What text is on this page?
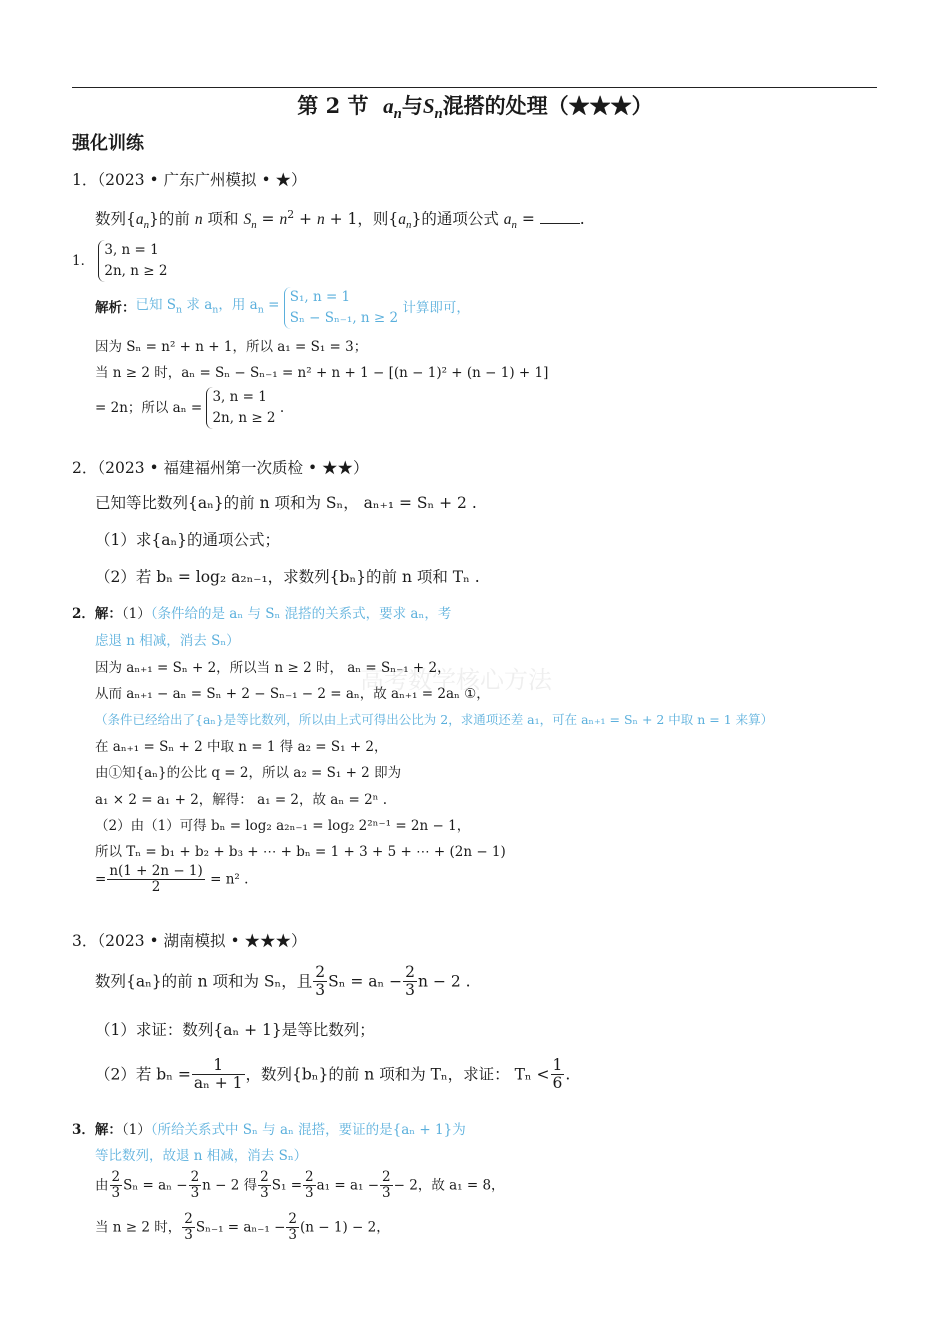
第 2 节 $a_n$与$S_n$混搭的处理（★★★）
强化训练
高考数学核心方法
1．（2023 • 广东广州模拟 • ★）
数列$\{a_n\}$的前 n 项和 $S_n = n^2 + n + 1$，则$\{a_n\}$的通项公式 $a_n$ =	.
1． 3, n = 1
2n, n ≥ 2
解析：已知 $S_n$ 求 $a_n$，用 $a_n = S_1$, n = 1
Sₙ − Sₙ₋₁, n ≥ 2 计算即可，
因为 Sₙ = n² + n + 1，所以 a₁ = S₁ = 3；
当 n ≥ 2 时，aₙ = Sₙ − Sₙ₋₁ = n² + n + 1 − [(n − 1)² + (n − 1) + 1]
= 2n；所以 aₙ = 3, n = 1
2n, n ≥ 2 .
2．（2023 • 福建福州第一次质检 • ★★）
已知等比数列{aₙ}的前 n 项和为 Sₙ， aₙ₊₁ = Sₙ + 2 .
（1）求{aₙ}的通项公式；
（2）若 bₙ = log₂ a₂ₙ₋₁，求数列{bₙ}的前 n 项和 Tₙ .
2．解：（1）（条件给的是 aₙ 与 Sₙ 混搭的关系式，要求 aₙ，考
虑退 n 相减，消去 Sₙ）
因为 aₙ₊₁ = Sₙ + 2，所以当 n ≥ 2 时， aₙ = Sₙ₋₁ + 2，
从而 aₙ₊₁ − aₙ = Sₙ + 2 − Sₙ₋₁ − 2 = aₙ，故 aₙ₊₁ = 2aₙ ①，
（条件已经给出了{aₙ}是等比数列，所以由上式可得出公比为 2，求通项还差 a₁，可在 aₙ₊₁ = Sₙ + 2 中取 n = 1 来算）
在 aₙ₊₁ = Sₙ + 2 中取 n = 1 得 a₂ = S₁ + 2，
由①知{aₙ}的公比 q = 2，所以 a₂ = S₁ + 2 即为
a₁ × 2 = a₁ + 2，解得： a₁ = 2，故 aₙ = 2ⁿ .
（2）由（1）可得 bₙ = log₂ a₂ₙ₋₁ = log₂ 2²ⁿ⁻¹ = 2n − 1，
所以 Tₙ = b₁ + b₂ + b₃ + ⋯ + bₙ = 1 + 3 + 5 + ⋯ + (2n − 1)
= $\frac{n(1 + 2n - 1)}{2} = n^2$ .
3．（2023 • 湖南模拟 • ★★★）
数列{aₙ}的前 n 项和为 Sₙ，且 $\frac{2}{3}$ $S_n = a_n - \frac{2}{3}$ n − 2 .
（1）求证：数列{aₙ + 1}是等比数列；
（2）若 $b_n = \frac{1}{\text{aₙ + 1}}$ ，数列{bₙ}的前 n 项和为 Tₙ，求证： $T_n < \frac{1}{6}$ .
3．解：（1）（所给关系式中 Sₙ 与 aₙ 混搭，要证的是{aₙ + 1}为
等比数列，故退 n 相减，消去 Sₙ）
由 $\frac{2}{3}$ $S_n = a_n - \frac{2}{3}$ n − 2 得 $\frac{2}{3} S_1 = \frac{2}{3} a_1 = a_1 - \frac{2}{3} - 2$，故 a₁ = 8，
当 n ≥ 2 时， $\frac{2}{3} S_{n-1} = a_{n-1} - \frac{2}{3} (n - 1) - 2$，
